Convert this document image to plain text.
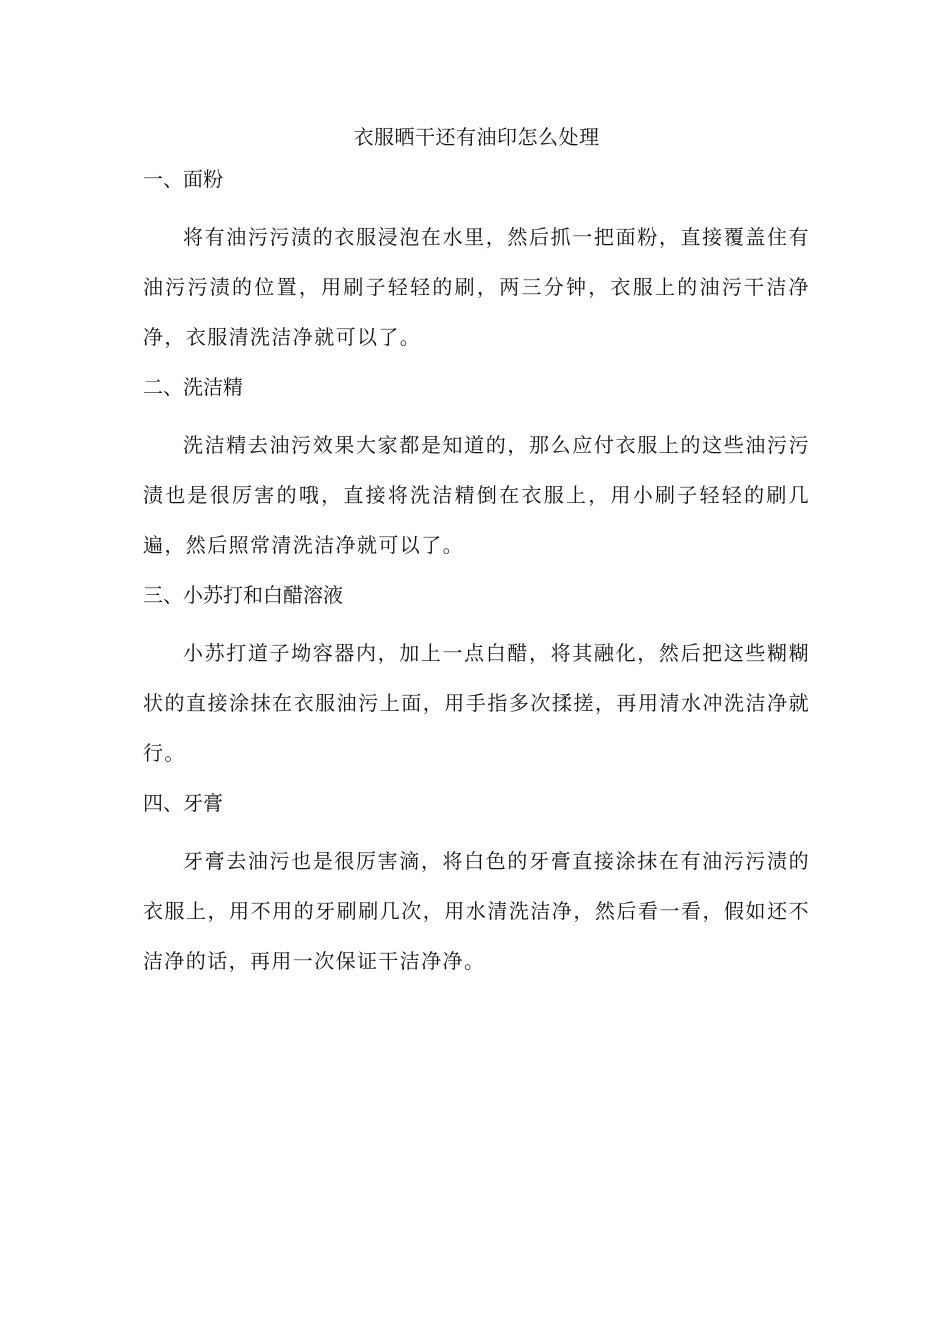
衣服晒干还有油印怎么处理
一、面粉

将有油污污渍的衣服浸泡在水里，然后抓一把面粉，直接覆盖住有油污污渍的位置，用刷子轻轻的刷，两三分钟，衣服上的油污干洁净净，衣服清洗洁净就可以了。

二、洗洁精

洗洁精去油污效果大家都是知道的，那么应付衣服上的这些油污污渍也是很厉害的哦，直接将洗洁精倒在衣服上，用小刷子轻轻的刷几遍，然后照常清洗洁净就可以了。

三、小苏打和白醋溶液

小苏打道子坳容器内，加上一点白醋，将其融化，然后把这些糊糊状的直接涂抹在衣服油污上面，用手指多次揉搓，再用清水冲洗洁净就行。

四、牙膏

牙膏去油污也是很厉害滴，将白色的牙膏直接涂抹在有油污污渍的衣服上，用不用的牙刷刷几次，用水清洗洁净，然后看一看，假如还不洁净的话，再用一次保证干洁净净。
